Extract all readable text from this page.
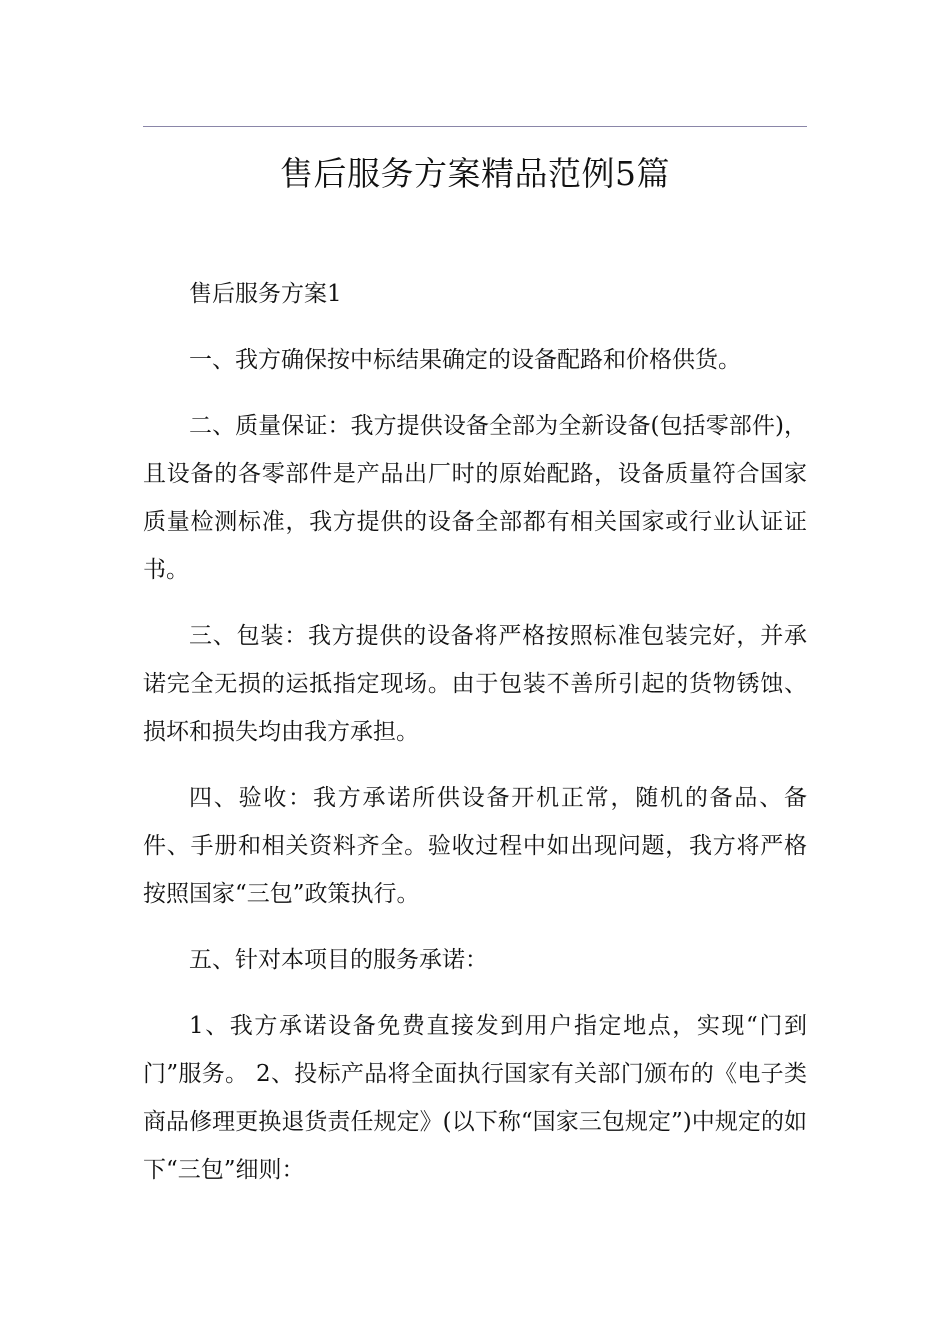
售后服务方案精品范例5篇

售后服务方案1

一、我方确保按中标结果确定的设备配路和价格供货。

二、质量保证：我方提供设备全部为全新设备(包括零部件)，且设备的各零部件是产品出厂时的原始配路，设备质量符合国家质量检测标准，我方提供的设备全部都有相关国家或行业认证证书。

三、包装：我方提供的设备将严格按照标准包装完好，并承诺完全无损的运抵指定现场。由于包装不善所引起的货物锈蚀、损坏和损失均由我方承担。

四、验收：我方承诺所供设备开机正常，随机的备品、备件、手册和相关资料齐全。验收过程中如出现问题，我方将严格按照国家“三包”政策执行。

五、针对本项目的服务承诺：

1、我方承诺设备免费直接发到用户指定地点，实现“门到门”服务。 2、投标产品将全面执行国家有关部门颁布的《电子类商品修理更换退货责任规定》(以下称“国家三包规定”)中规定的如下“三包”细则：
